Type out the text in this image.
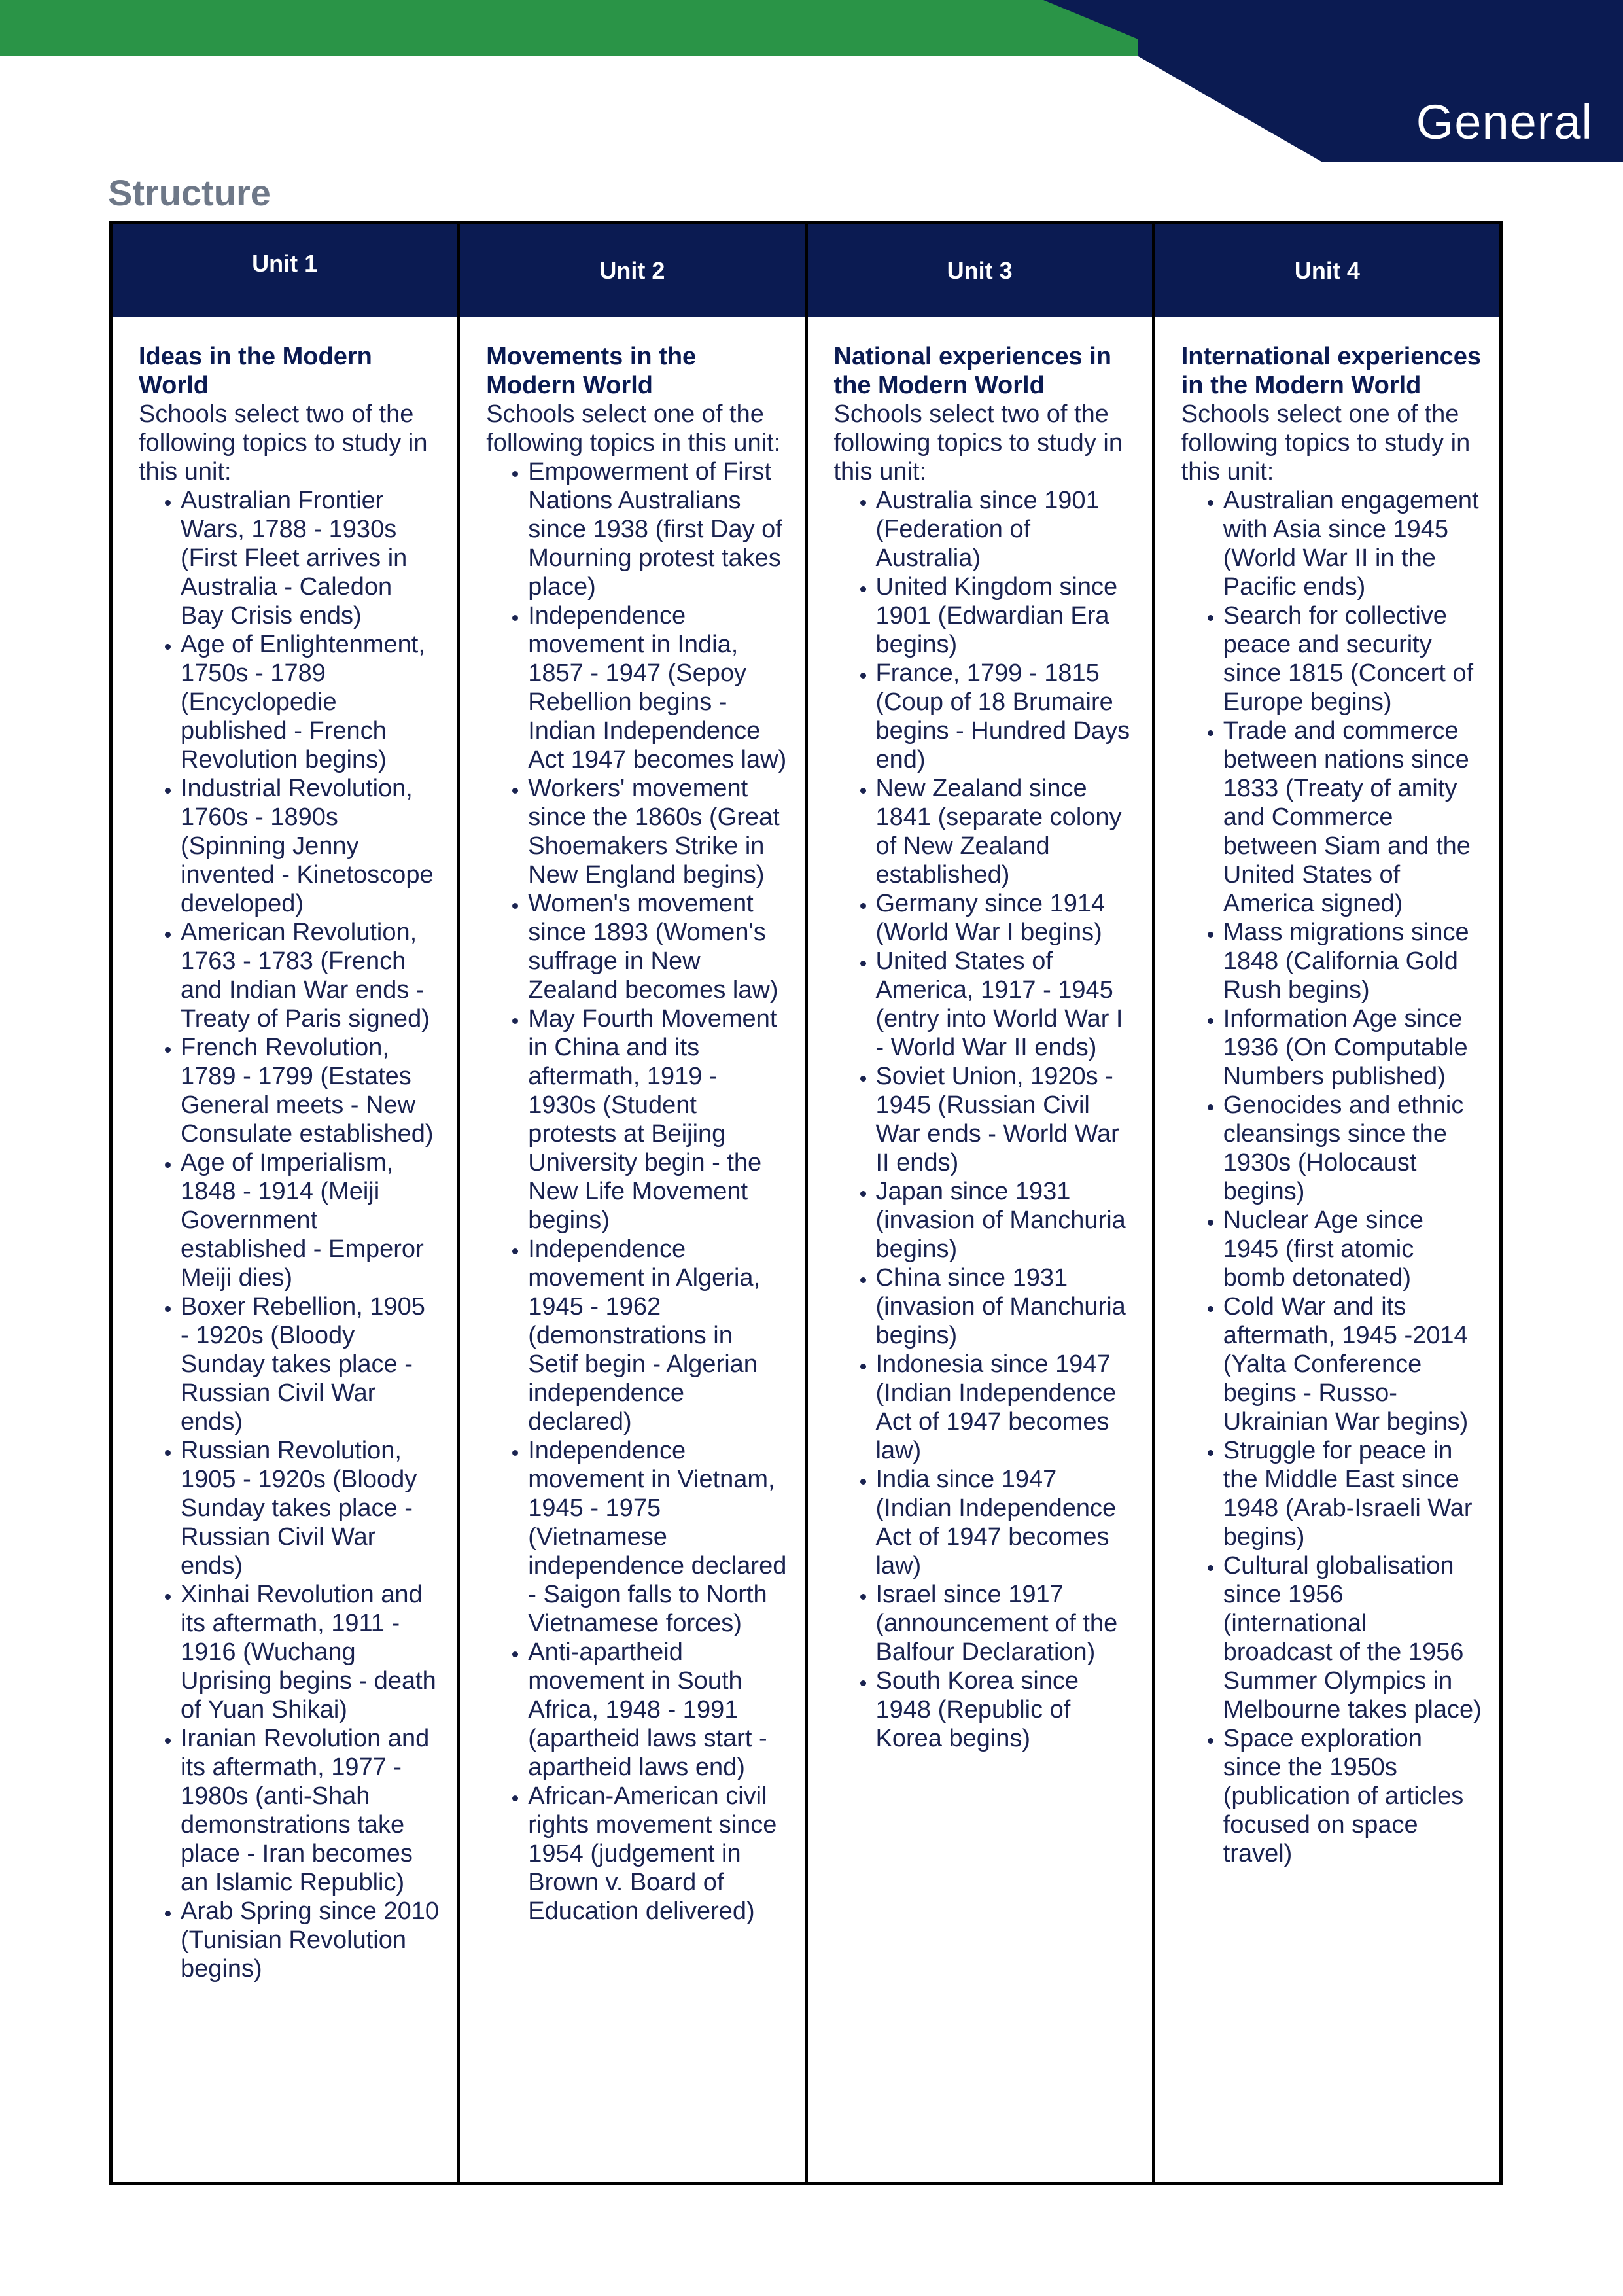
General
Structure
Unit 1
Ideas in the Modern World
Schools select two of the following topics to study in this unit:
• Australian Frontier Wars, 1788 - 1930s (First Fleet arrives in Australia - Caledon Bay Crisis ends)
• Age of Enlightenment, 1750s - 1789 (Encyclopedie published - French Revolution begins)
• Industrial Revolution, 1760s - 1890s (Spinning Jenny invented - Kinetoscope developed)
• American Revolution, 1763 - 1783 (French and Indian War ends - Treaty of Paris signed)
• French Revolution, 1789 - 1799 (Estates General meets - New Consulate established)
• Age of Imperialism, 1848 - 1914 (Meiji Government established - Emperor Meiji dies)
• Boxer Rebellion, 1905 - 1920s (Bloody Sunday takes place - Russian Civil War ends)
• Russian Revolution, 1905 - 1920s (Bloody Sunday takes place - Russian Civil War ends)
• Xinhai Revolution and its aftermath, 1911 - 1916 (Wuchang Uprising begins - death of Yuan Shikai)
• Iranian Revolution and its aftermath, 1977 - 1980s (anti-Shah demonstrations take place - Iran becomes an Islamic Republic)
• Arab Spring since 2010 (Tunisian Revolution begins)
Unit 2
Movements in the Modern World
Schools select one of the following topics in this unit:
• Empowerment of First Nations Australians since 1938 (first Day of Mourning protest takes place)
• Independence movement in India, 1857 - 1947 (Sepoy Rebellion begins - Indian Independence Act 1947 becomes law)
• Workers' movement since the 1860s (Great Shoemakers Strike in New England begins)
• Women's movement since 1893 (Women's suffrage in New Zealand becomes law)
• May Fourth Movement in China and its aftermath, 1919 - 1930s (Student protests at Beijing University begin - the New Life Movement begins)
• Independence movement in Algeria, 1945 - 1962 (demonstrations in Setif begin - Algerian independence declared)
• Independence movement in Vietnam, 1945 - 1975 (Vietnamese independence declared - Saigon falls to North Vietnamese forces)
• Anti-apartheid movement in South Africa, 1948 - 1991 (apartheid laws start - apartheid laws end)
• African-American civil rights movement since 1954 (judgement in Brown v. Board of Education delivered)
Unit 3
National experiences in the Modern World
Schools select two of the following topics to study in this unit:
• Australia since 1901 (Federation of Australia)
• United Kingdom since 1901 (Edwardian Era begins)
• France, 1799 - 1815 (Coup of 18 Brumaire begins - Hundred Days end)
• New Zealand since 1841 (separate colony of New Zealand established)
• Germany since 1914 (World War I begins)
• United States of America, 1917 - 1945 (entry into World War I - World War II ends)
• Soviet Union, 1920s - 1945 (Russian Civil War ends - World War II ends)
• Japan since 1931 (invasion of Manchuria begins)
• China since 1931 (invasion of Manchuria begins)
• Indonesia since 1947 (Indian Independence Act of 1947 becomes law)
• India since 1947 (Indian Independence Act of 1947 becomes law)
• Israel since 1917 (announcement of the Balfour Declaration)
• South Korea since 1948 (Republic of Korea begins)
Unit 4
International experiences in the Modern World
Schools select one of the following topics to study in this unit:
• Australian engagement with Asia since 1945 (World War II in the Pacific ends)
• Search for collective peace and security since 1815 (Concert of Europe begins)
• Trade and commerce between nations since 1833 (Treaty of amity and Commerce between Siam and the United States of America signed)
• Mass migrations since 1848 (California Gold Rush begins)
• Information Age since 1936 (On Computable Numbers published)
• Genocides and ethnic cleansings since the 1930s (Holocaust begins)
• Nuclear Age since 1945 (first atomic bomb detonated)
• Cold War and its aftermath, 1945 -2014 (Yalta Conference begins - Russo-Ukrainian War begins)
• Struggle for peace in the Middle East since 1948 (Arab-Israeli War begins)
• Cultural globalisation since 1956 (international broadcast of the 1956 Summer Olympics in Melbourne takes place)
• Space exploration since the 1950s (publication of articles focused on space travel)
